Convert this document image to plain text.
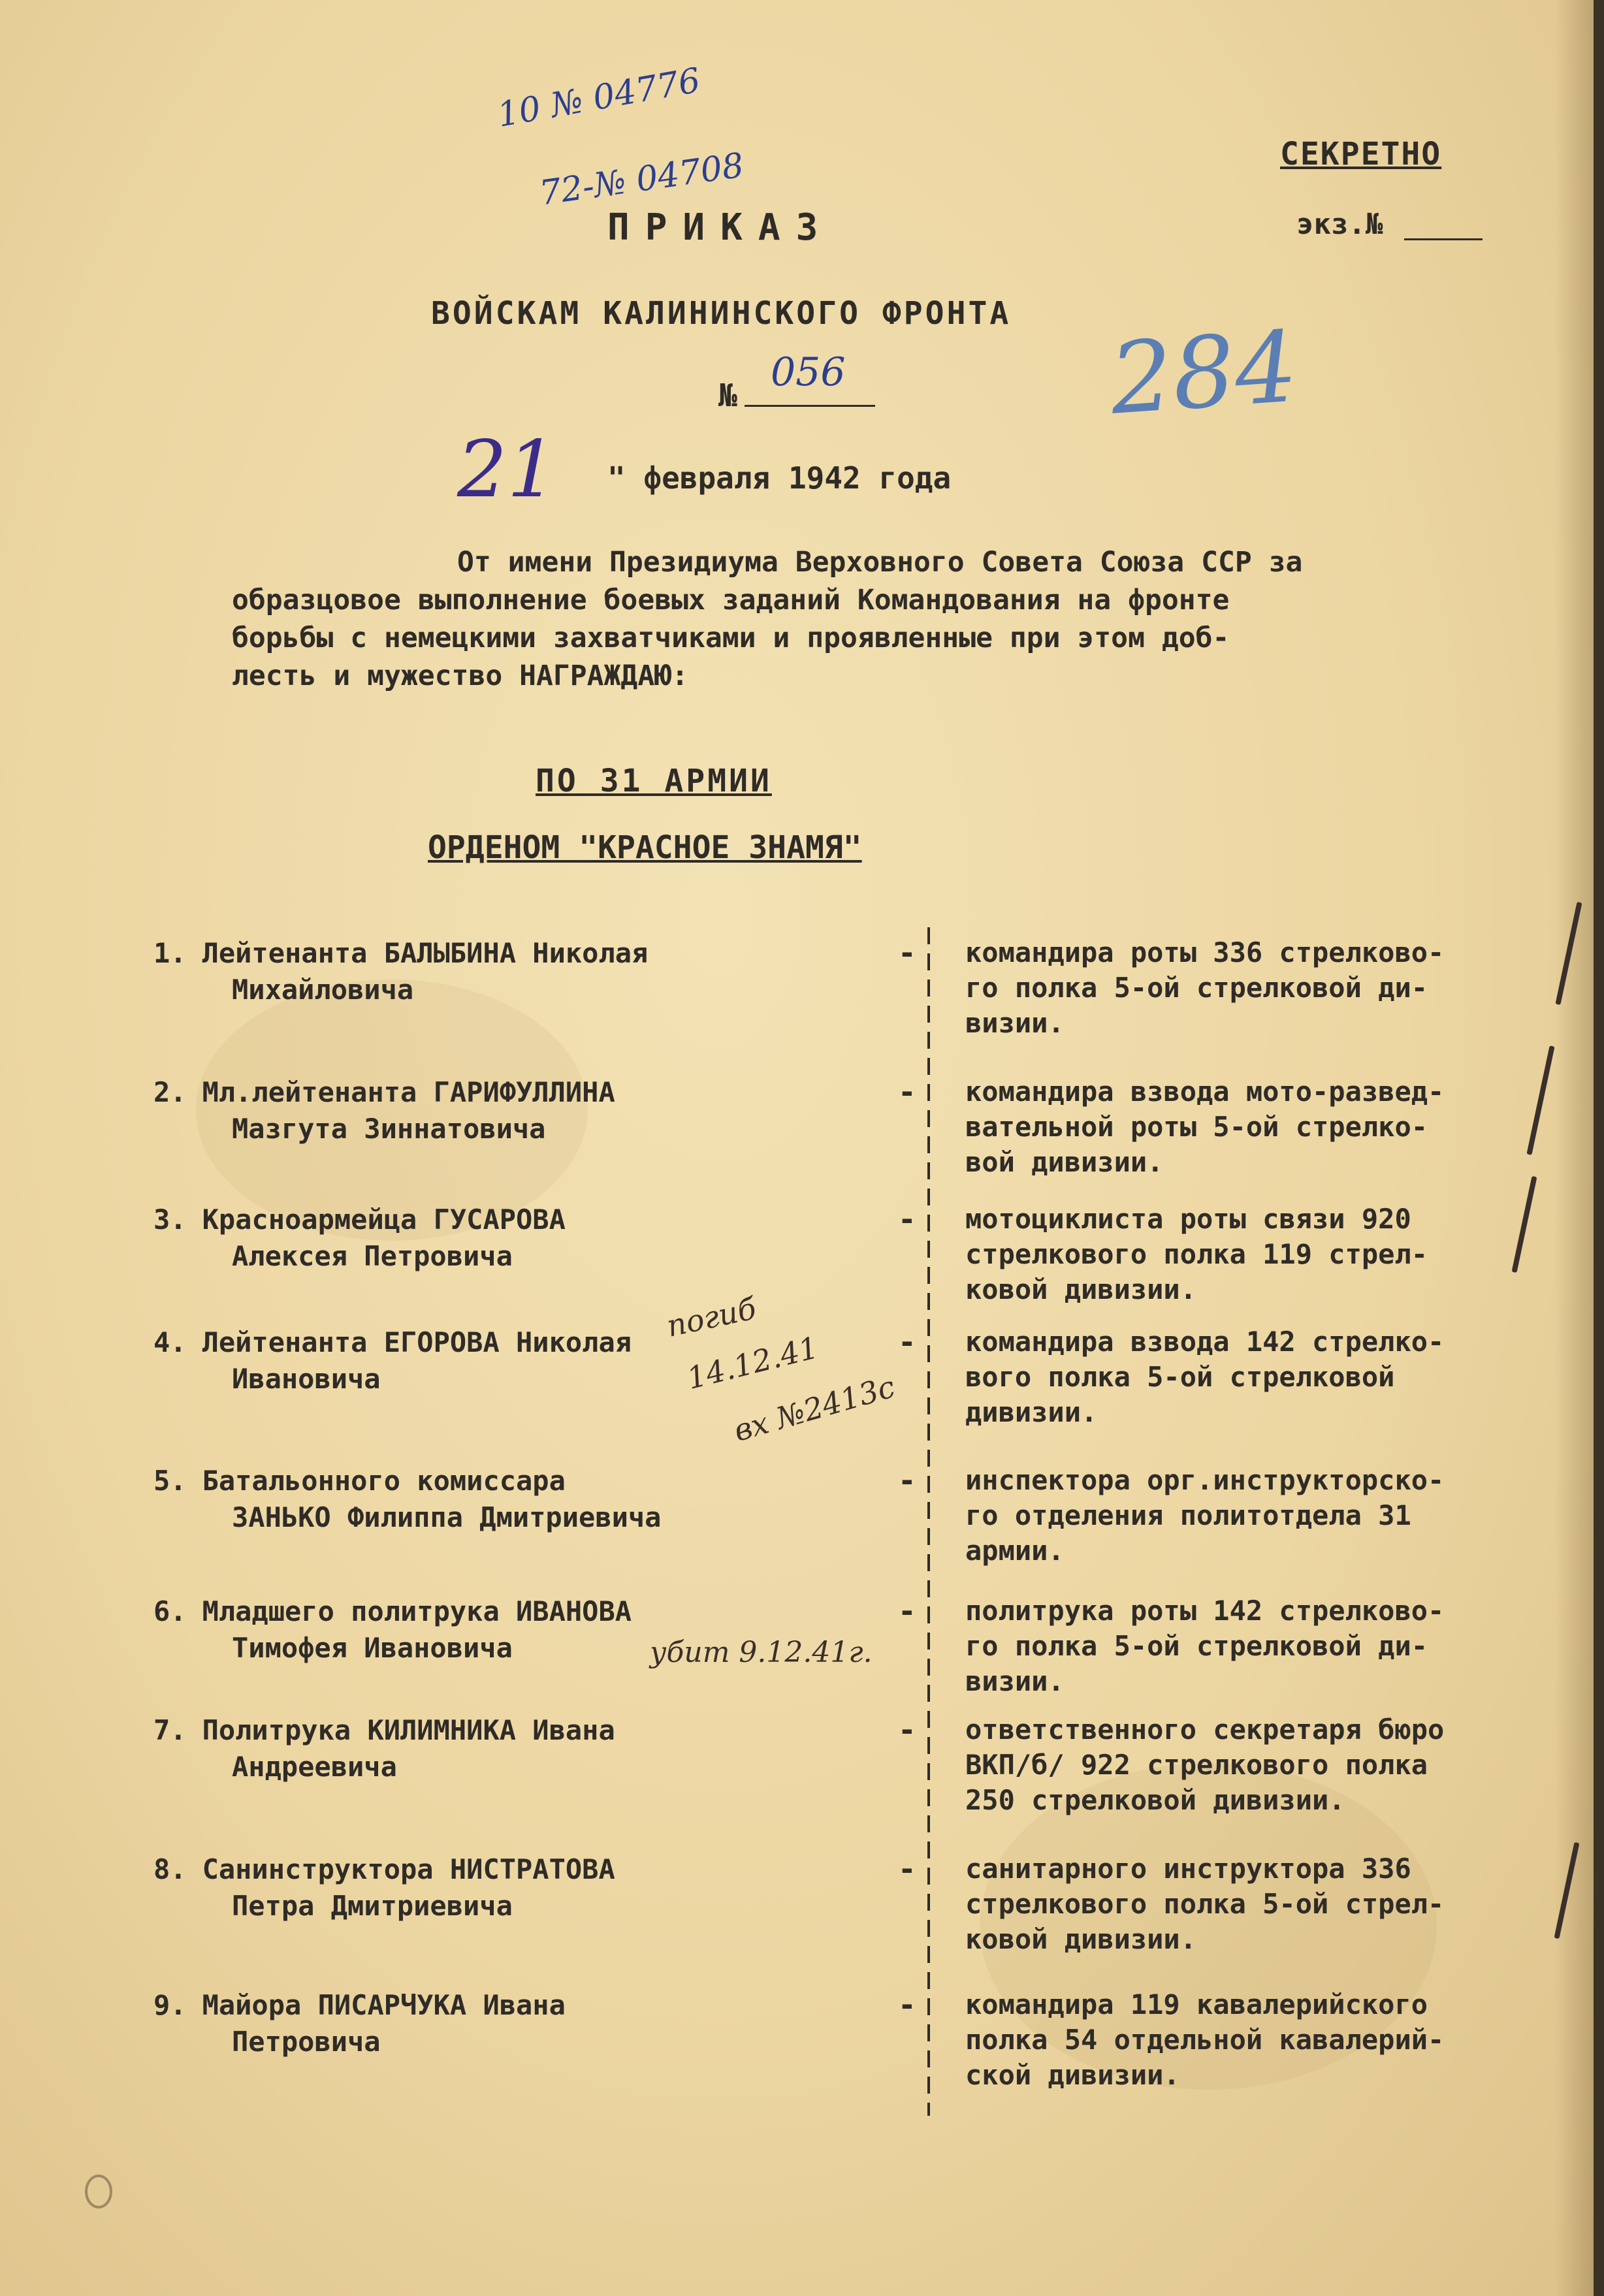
10 № 04776
72-№ 04708	СЕКРЕТНО
экз.№
ПРИКАЗ
ВОЙСКАМ КАЛИНИНСКОГО ФРОНТА
№
056
21 " февраля 1942 года
284
От имени Президиума Верховного Совета Союза ССР за
образцовое выполнение боевых заданий Командования на фронте
борьбы с немецкими захватчиками и проявленные при этом доб-
лесть и мужество НАГРАЖДАЮ:
ПО 31 АРМИИ
ОРДЕНОМ "КРАСНОЕ ЗНАМЯ"
1. Лейтенанта БАЛЫБИНА Николая
Михайловича
- командира роты 336 стрелково-
го полка 5-ой стрелковой ди-
визии.
2. Мл.лейтенанта ГАРИФУЛЛИНА
Мазгута Зиннатовича
- командира взвода мото-развед-
вательной роты 5-ой стрелко-
вой дивизии.
3. Красноармейца ГУСАРОВА
Алексея Петровича
- мотоциклиста роты связи 920
стрелкового полка 119 стрел-
ковой дивизии.
4. Лейтенанта ЕГОРОВА Николая
Ивановича
- командира взвода 142 стрелко-
вого полка 5-ой стрелковой
дивизии.
5. Батальонного комиссара
ЗАНЬКО Филиппа Дмитриевича
- инспектора орг.инструкторско-
го отделения политотдела 31
армии.
6. Младшего политрука ИВАНОВА
Тимофея Ивановича
- политрука роты 142 стрелково-
го полка 5-ой стрелковой ди-
визии.
7. Политрука КИЛИМНИКА Ивана
Андреевича
- ответственного секретаря бюро
ВКП/б/ 922 стрелкового полка
250 стрелковой дивизии.
8. Санинструктора НИСТРАТОВА
Петра Дмитриевича
- санитарного инструктора 336
стрелкового полка 5-ой стрел-
ковой дивизии.
9. Майора ПИСАРЧУКА Ивана
Петровича
- командира 119 кавалерийского
полка 54 отдельной кавалерий-
ской дивизии.
погиб
14.12.41
вх №2413с
убит 9.12.41г.
